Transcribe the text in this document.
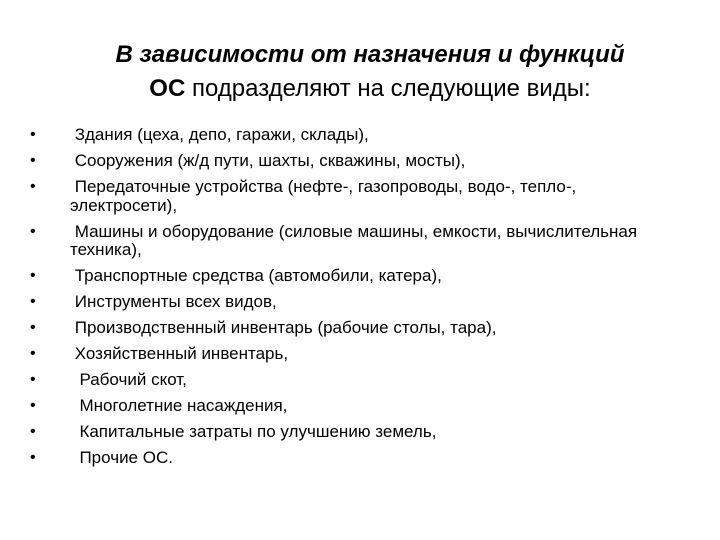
В зависимости от назначения и функций
ОС подразделяют на следующие виды:
• Здания (цеха, депо, гаражи, склады),
• Сооружения (ж/д пути, шахты, скважины, мосты),
• Передаточные устройства (нефте-, газопроводы, водо-, тепло-, электросети),
• Машины и оборудование (силовые машины, емкости, вычислительная техника),
• Транспортные средства (автомобили, катера),
• Инструменты всех видов,
• Производственный инвентарь (рабочие столы, тара),
• Хозяйственный инвентарь,
• Рабочий скот,
• Многолетние насаждения,
• Капитальные затраты по улучшению земель,
• Прочие ОС.
